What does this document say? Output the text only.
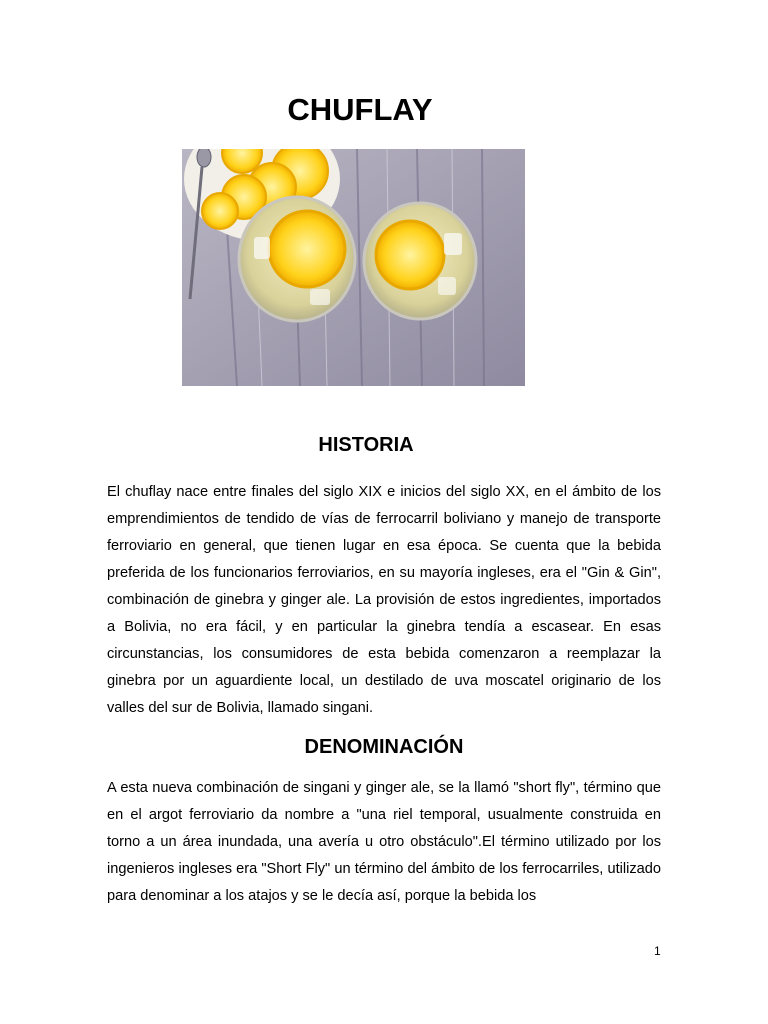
CHUFLAY
HISTORIA

El chuflay nace entre finales del siglo XIX e inicios del siglo XX, en el ámbito de los emprendimientos de tendido de vías de ferrocarril boliviano y manejo de transporte ferroviario en general, que tienen lugar en esa época. Se cuenta que la bebida preferida de los funcionarios ferroviarios, en su mayoría ingleses, era el "Gin & Gin", combinación de ginebra y ginger ale. La provisión de estos ingredientes, importados a Bolivia, no era fácil, y en particular la ginebra tendía a escasear. En esas circunstancias, los consumidores de esta bebida comenzaron a reemplazar la ginebra por un aguardiente local, un destilado de uva moscatel originario de los valles del sur de Bolivia, llamado singani.

DENOMINACIÓN

A esta nueva combinación de singani y ginger ale, se la llamó "short fly", término que en el argot ferroviario da nombre a "una riel temporal, usualmente construida en torno a un área inundada, una avería u otro obstáculo".El término utilizado por los ingenieros ingleses era "Short Fly" un término del ámbito de los ferrocarriles, utilizado para denominar a los atajos y se le decía así, porque la bebida los

1
